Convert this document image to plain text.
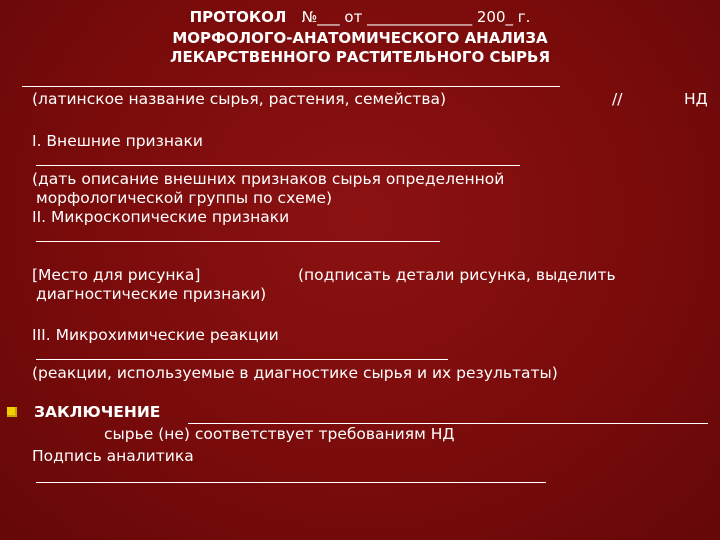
ПРОТОКОЛ №___ от ______________ 200_ г.
МОРФОЛОГО-АНАТОМИЧЕСКОГО АНАЛИЗА
ЛЕКАРСТВЕННОГО РАСТИТЕЛЬНОГО СЫРЬЯ
(латинское название сырья, растения, семейства)	//	НД
I. Внешние признаки
(дать описание внешних признаков сырья определенной
морфологической группы по схеме)
II. Микроскопические признаки
[Место для рисунка]	(подписать детали рисунка, выделить
диагностические признаки)
III. Микрохимические реакции
(реакции, используемые в диагностике сырья и их результаты)
ЗАКЛЮЧЕНИЕ
сырье (не) соответствует требованиям НД
Подпись аналитика
